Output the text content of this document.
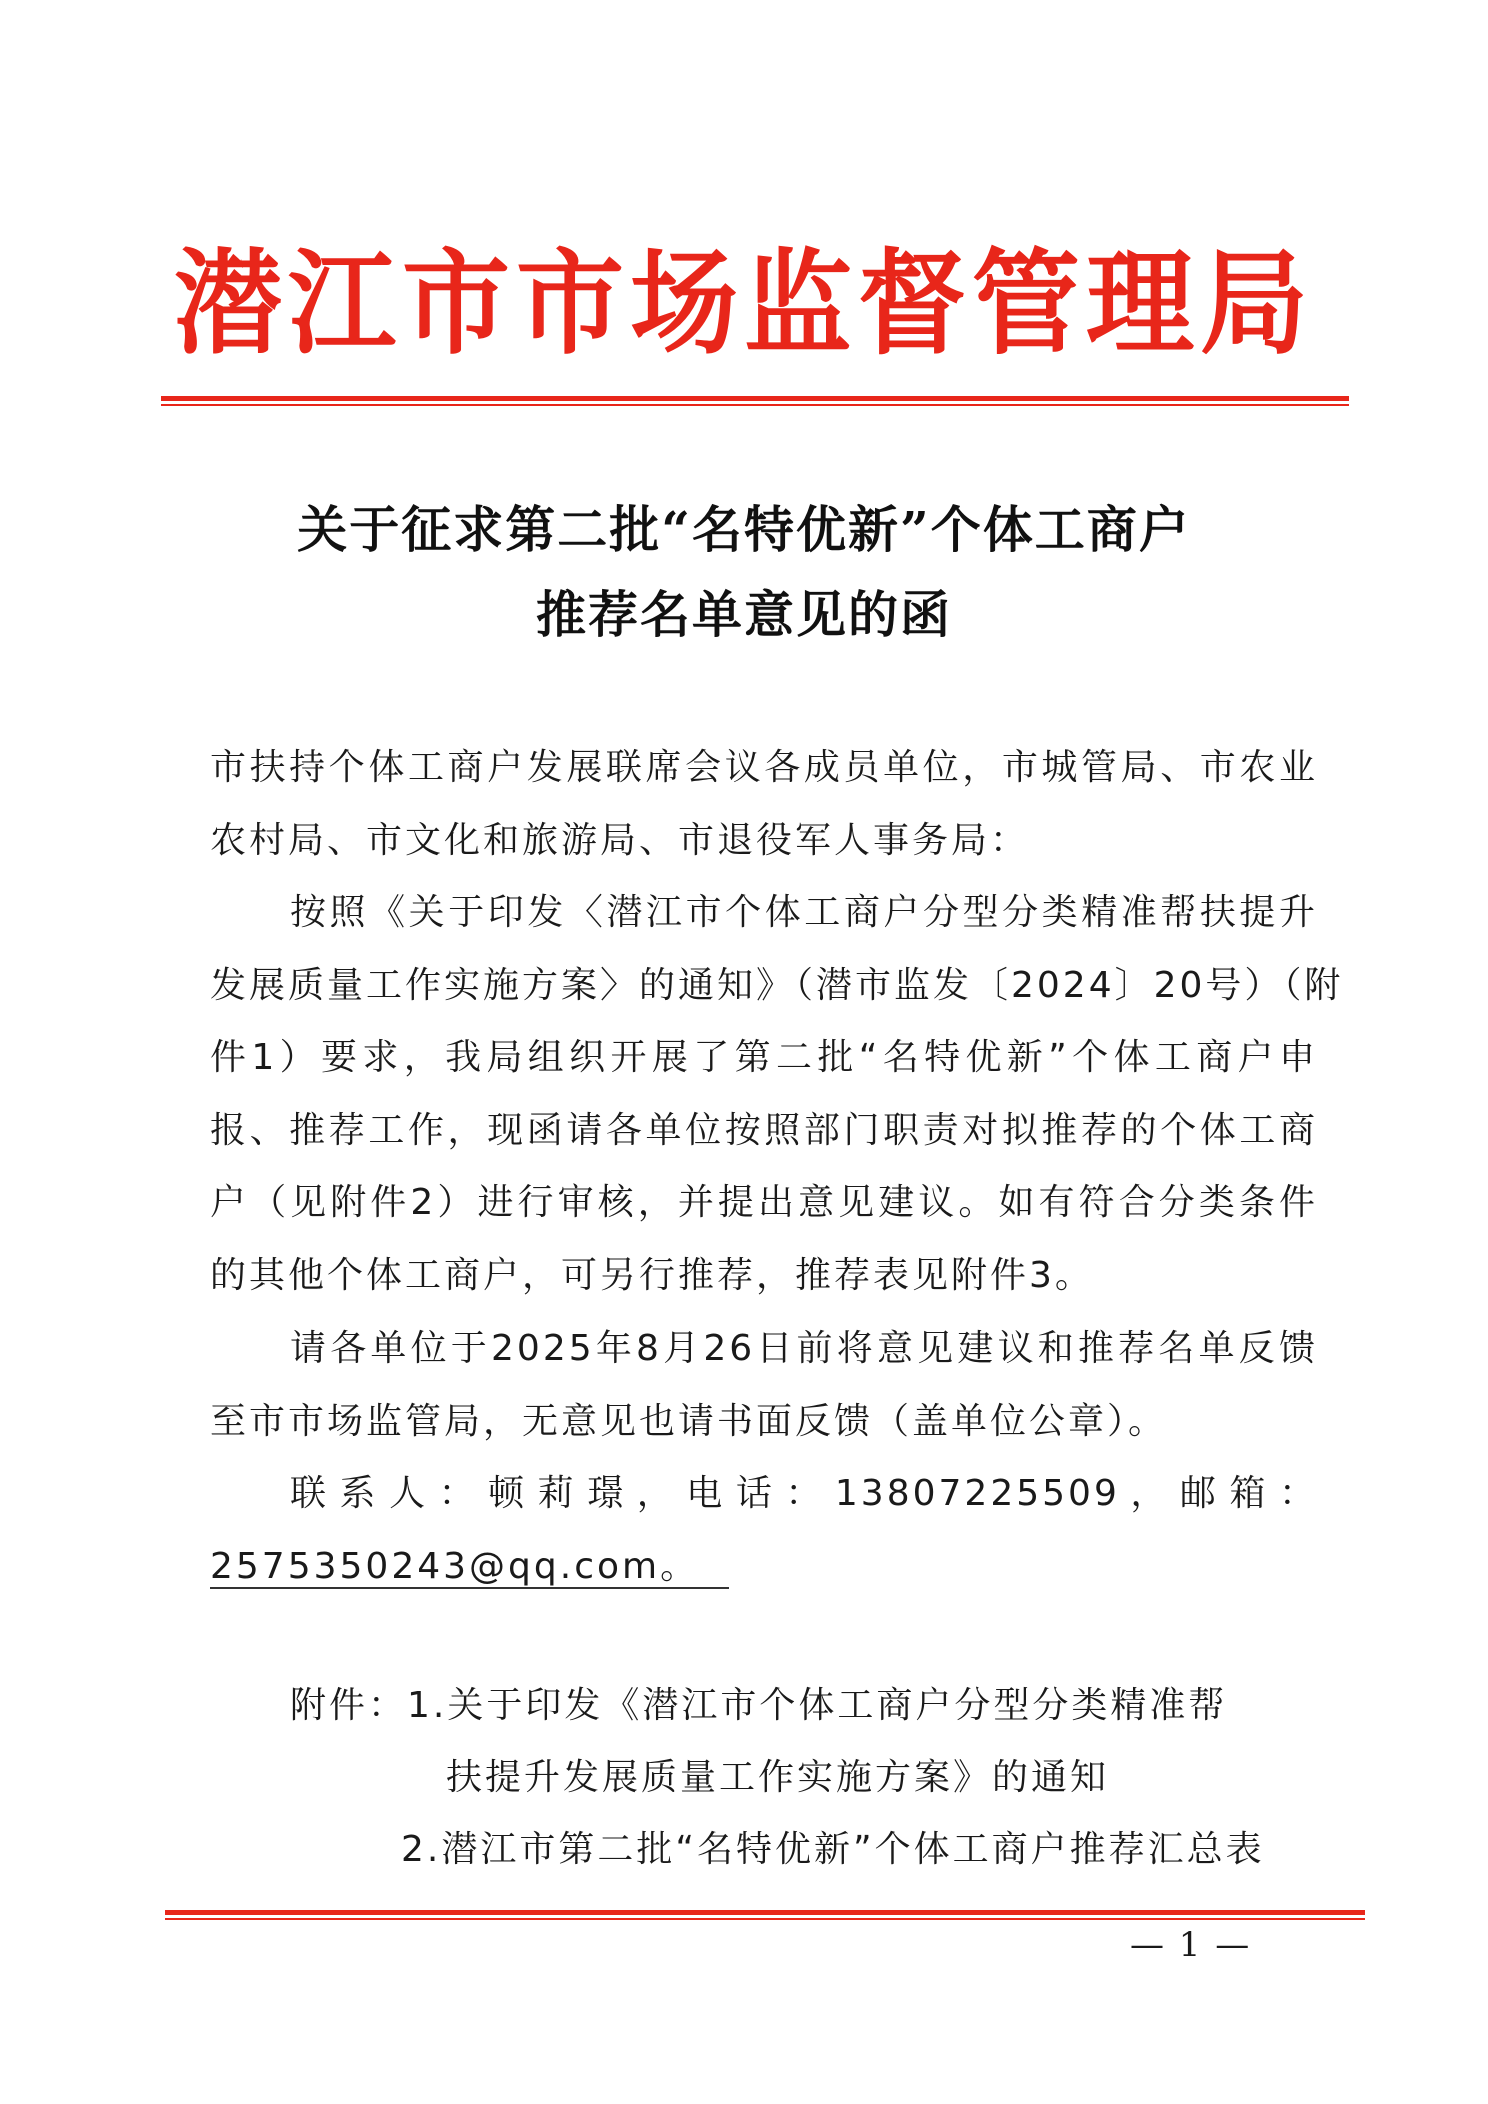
潜江市市场监督管理局
关于征求第二批“名特优新”个体工商户
推荐名单意见的函
市扶持个体工商户发展联席会议各成员单位，市城管局、市农业
农村局、市文化和旅游局、市退役军人事务局：
按照《关于印发〈潜江市个体工商户分型分类精准帮扶提升
发展质量工作实施方案〉的通知》（潜市监发〔2024〕20号）（附
件1）要求，我局组织开展了第二批“名特优新”个体工商户申
报、推荐工作，现函请各单位按照部门职责对拟推荐的个体工商
户（见附件2）进行审核，并提出意见建议。如有符合分类条件
的其他个体工商户，可另行推荐，推荐表见附件3。
请各单位于2025年8月26日前将意见建议和推荐名单反馈
至市市场监管局，无意见也请书面反馈（盖单位公章）。
联系人：顿莉璟，电话：13807225509，邮箱：
2575350243@qq.com。
附件：1.关于印发《潜江市个体工商户分型分类精准帮
扶提升发展质量工作实施方案》的通知
2.潜江市第二批“名特优新”个体工商户推荐汇总表
— 1 —
